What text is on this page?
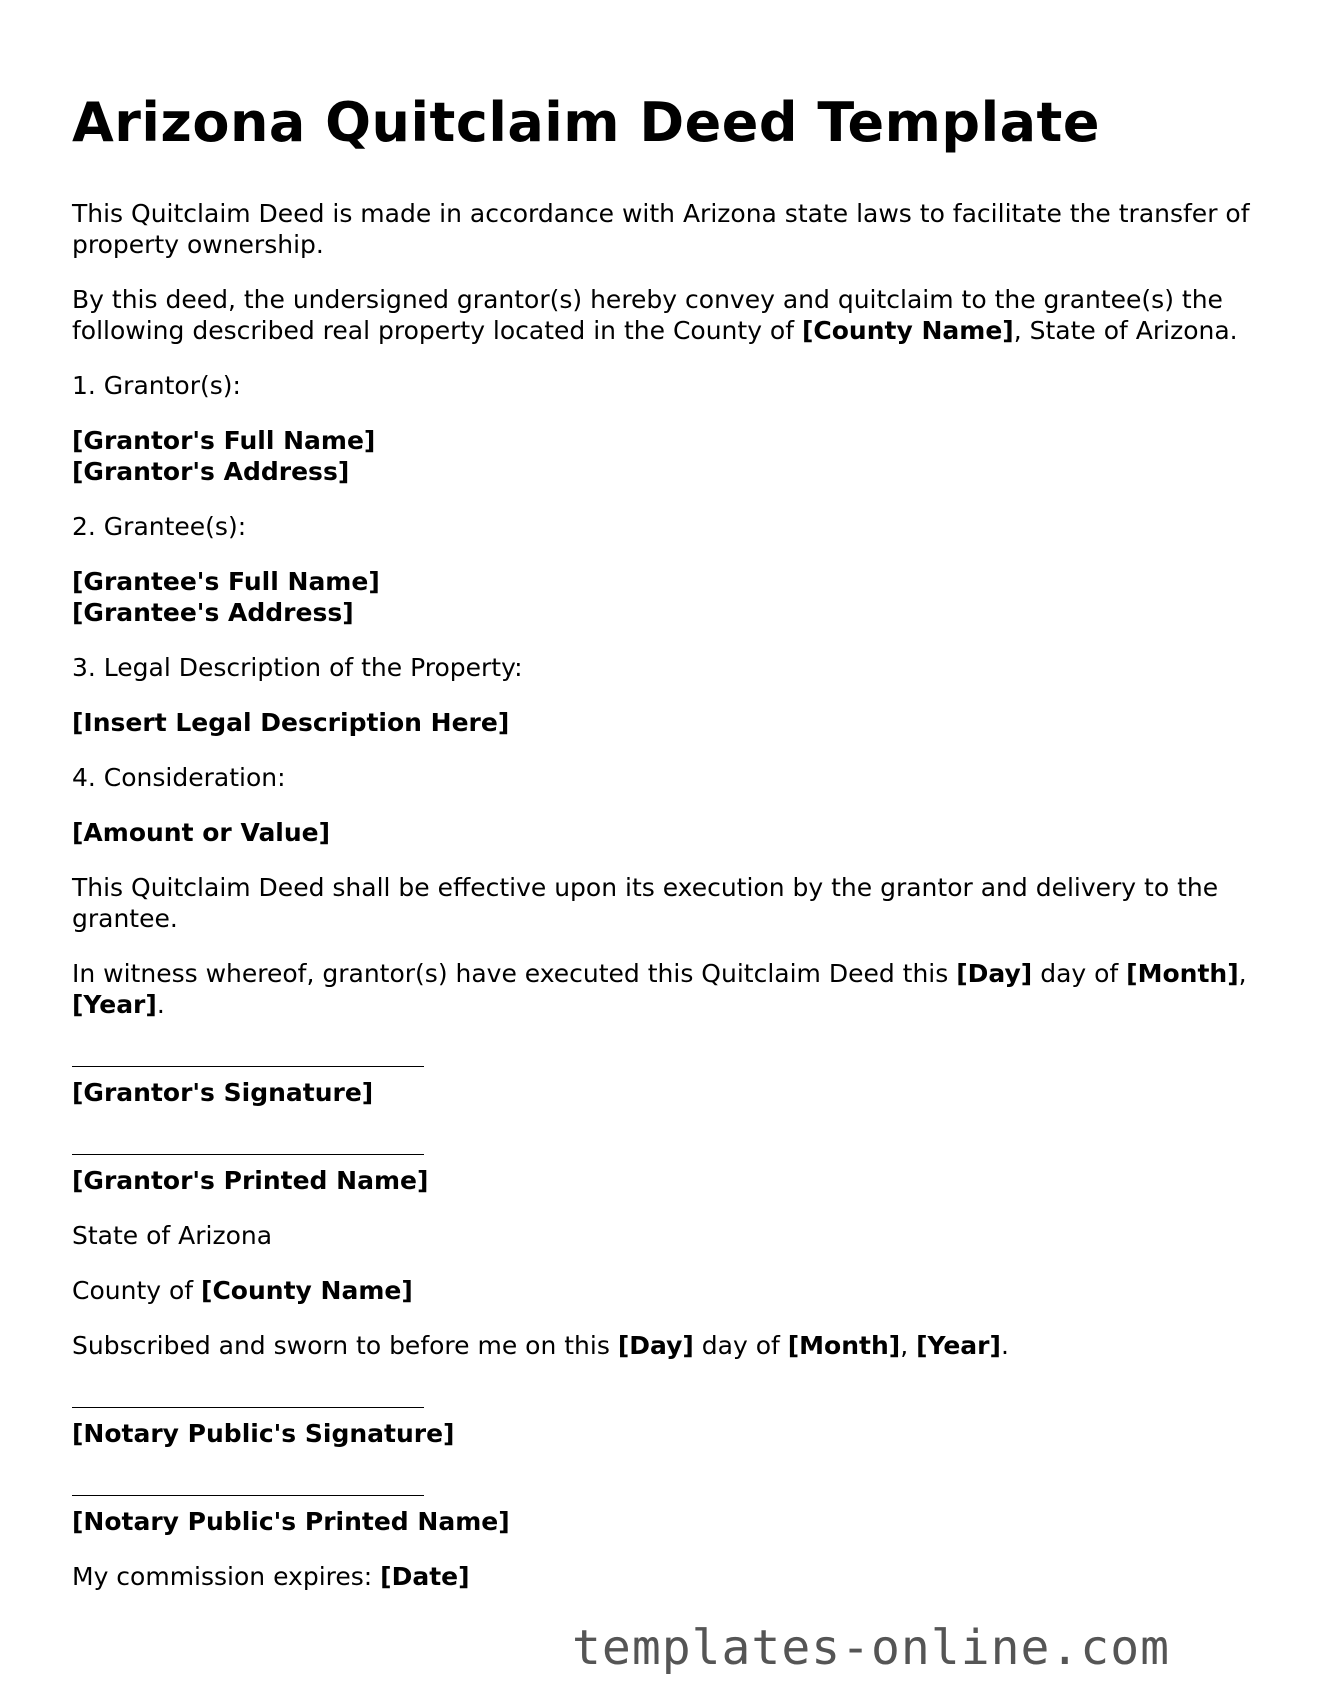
Arizona Quitclaim Deed Template

This Quitclaim Deed is made in accordance with Arizona state laws to facilitate the transfer of property ownership.

By this deed, the undersigned grantor(s) hereby convey and quitclaim to the grantee(s) the following described real property located in the County of [County Name], State of Arizona.

1. Grantor(s):

[Grantor's Full Name]
[Grantor's Address]

2. Grantee(s):

[Grantee's Full Name]
[Grantee's Address]

3. Legal Description of the Property:

[Insert Legal Description Here]

4. Consideration:

[Amount or Value]

This Quitclaim Deed shall be effective upon its execution by the grantor and delivery to the grantee.

In witness whereof, grantor(s) have executed this Quitclaim Deed this [Day] day of [Month], [Year].

[Grantor's Signature]

[Grantor's Printed Name]

State of Arizona

County of [County Name]

Subscribed and sworn to before me on this [Day] day of [Month], [Year].

[Notary Public's Signature]

[Notary Public's Printed Name]

My commission expires: [Date]

templates-online.com
